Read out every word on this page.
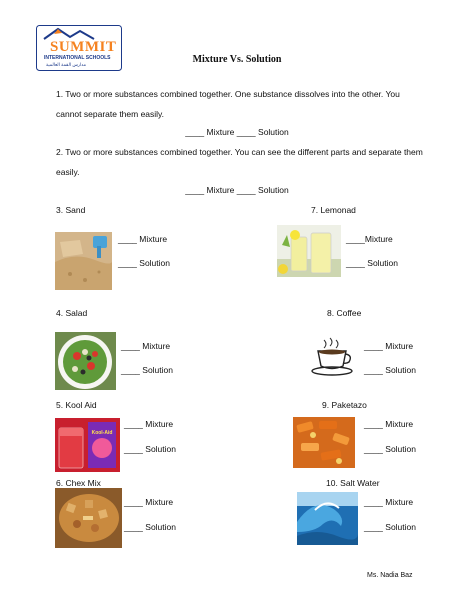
SUMMIT
INTERNATIONAL SCHOOLS
مدارس القمة العالمية	Mixture Vs. Solution
1. Two or more substances combined together. One substance dissolves into the other. You cannot separate them easily.
____ Mixture ____ Solution
2. Two or more substances combined together. You can see the different parts and separate them easily.
____ Mixture ____ Solution
3. Sand
____ Mixture
____ Solution
7. Lemonad
____Mixture
____ Solution
4. Salad
____ Mixture
____ Solution
8. Coffee
____ Mixture
____ Solution
5. Kool Aid
Kool-Aid
____ Mixture
____ Solution
9. Paketazo
____ Mixture
____ Solution
6. Chex Mix
____ Mixture
____ Solution
10. Salt Water
____ Mixture
____ Solution
Ms. Nadia Baz
